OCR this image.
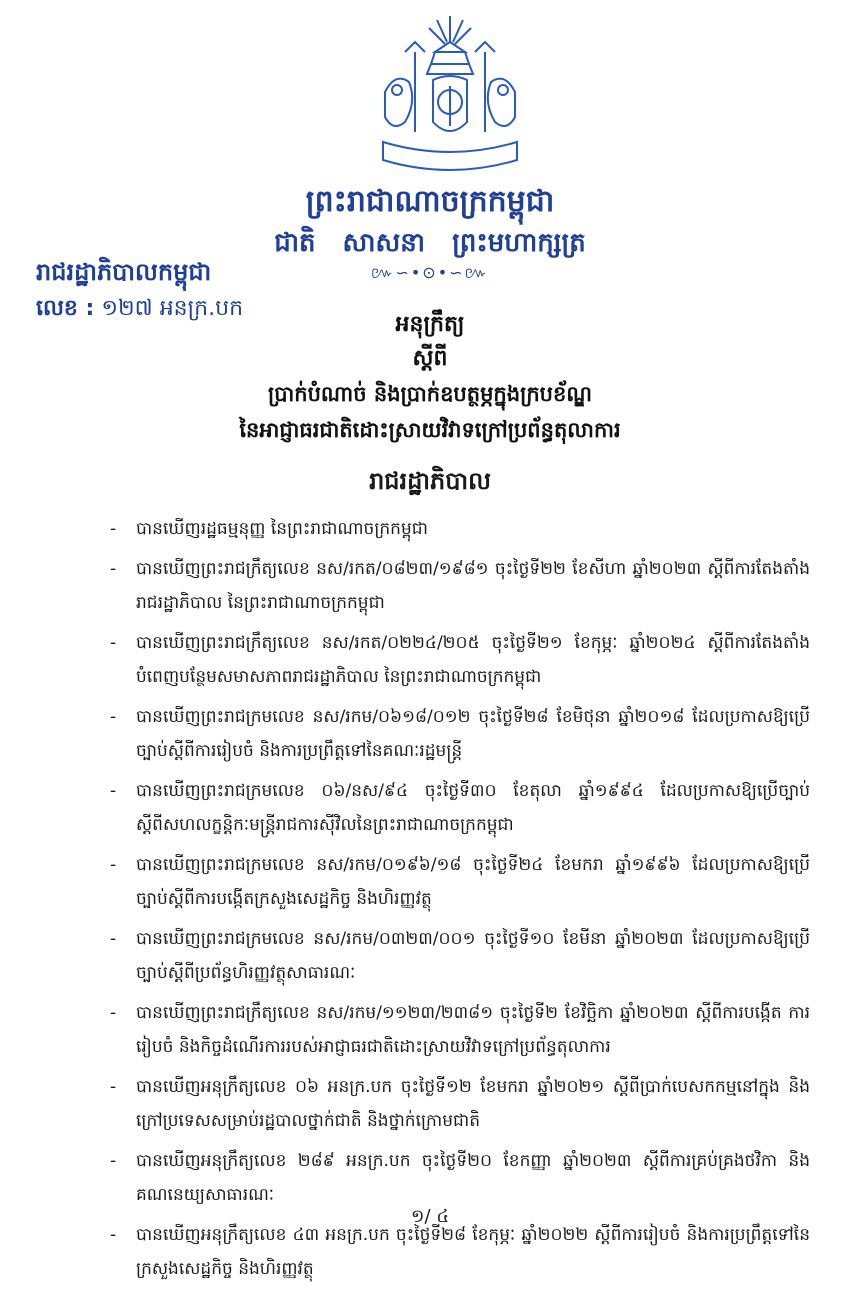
ព្រះរាជាណាចក្រកម្ពុជា
ជាតិ សាសនា ព្រះមហាក្សត្រ
៚∽•⊙•∽៚
រាជរដ្ឋាភិបាលកម្ពុជា
លេខ : ១២៧ អនក្រ.បក
អនុក្រឹត្យ
ស្តីពី
ប្រាក់បំណាច់ និងប្រាក់ឧបត្ថម្ភក្នុងក្របខ័ណ្ឌ
នៃអាជ្ញាធរជាតិដោះស្រាយវិវាទក្រៅប្រព័ន្ធតុលាការ
រាជរដ្ឋាភិបាល
-	បានឃើញរដ្ឋធម្មនុញ្ញ នៃព្រះរាជាណាចក្រកម្ពុជា
-	បានឃើញព្រះរាជក្រឹត្យលេខ នស/រកត/០៨២៣/១៩៨១ ចុះថ្ងៃទី២២ ខែសីហា ឆ្នាំ២០២៣ ស្តីពីការតែងតាំងរាជរដ្ឋាភិបាល នៃព្រះរាជាណាចក្រកម្ពុជា
-	បានឃើញព្រះរាជក្រឹត្យលេខ នស/រកត/០២២៤/២០៥ ចុះថ្ងៃទី២១ ខែកុម្ភៈ ឆ្នាំ២០២៤ ស្តីពីការតែងតាំងបំពេញបន្ថែមសមាសភាពរាជរដ្ឋាភិបាល នៃព្រះរាជាណាចក្រកម្ពុជា
-	បានឃើញព្រះរាជក្រមលេខ នស/រកម/០៦១៨/០១២ ចុះថ្ងៃទី២៨ ខែមិថុនា ឆ្នាំ២០១៨ ដែលប្រកាសឱ្យប្រើច្បាប់ស្តីពីការរៀបចំ និងការប្រព្រឹត្តទៅនៃគណៈរដ្ឋមន្ត្រី
-	បានឃើញព្រះរាជក្រមលេខ ០៦/នស/៩៤ ចុះថ្ងៃទី៣០ ខែតុលា ឆ្នាំ១៩៩៤ ដែលប្រកាសឱ្យប្រើច្បាប់ស្តីពីសហលក្ខន្តិកៈមន្ត្រីរាជការស៊ីវិលនៃព្រះរាជាណាចក្រកម្ពុជា
-	បានឃើញព្រះរាជក្រមលេខ នស/រកម/០១៩៦/១៨ ចុះថ្ងៃទី២៤ ខែមករា ឆ្នាំ១៩៩៦ ដែលប្រកាសឱ្យប្រើច្បាប់ស្តីពីការបង្កើតក្រសួងសេដ្ឋកិច្ច និងហិរញ្ញវត្ថុ
-	បានឃើញព្រះរាជក្រមលេខ នស/រកម/០៣២៣/០០១ ចុះថ្ងៃទី១០ ខែមីនា ឆ្នាំ២០២៣ ដែលប្រកាសឱ្យប្រើច្បាប់ស្តីពីប្រព័ន្ធហិរញ្ញវត្ថុសាធារណៈ
-	បានឃើញព្រះរាជក្រឹត្យលេខ នស/រកម/១១២៣/២៣៨១ ចុះថ្ងៃទី២ ខែវិច្ឆិកា ឆ្នាំ២០២៣ ស្តីពីការបង្កើត ការរៀបចំ និងកិច្ចដំណើរការរបស់អាជ្ញាធរជាតិដោះស្រាយវិវាទក្រៅប្រព័ន្ធតុលាការ
-	បានឃើញអនុក្រឹត្យលេខ ០៦ អនក្រ.បក ចុះថ្ងៃទី១២ ខែមករា ឆ្នាំ២០២១ ស្តីពីប្រាក់បេសកកម្មនៅក្នុង និងក្រៅប្រទេសសម្រាប់រដ្ឋបាលថ្នាក់ជាតិ និងថ្នាក់ក្រោមជាតិ
-	បានឃើញអនុក្រឹត្យលេខ ២៨៩ អនក្រ.បក ចុះថ្ងៃទី២០ ខែកញ្ញា ឆ្នាំ២០២៣ ស្តីពីការគ្រប់គ្រងថវិកា និងគណនេយ្យសាធារណៈ
-	បានឃើញអនុក្រឹត្យលេខ ៤៣ អនក្រ.បក ចុះថ្ងៃទី២៨ ខែកុម្ភៈ ឆ្នាំ២០២២ ស្តីពីការរៀបចំ និងការប្រព្រឹត្តទៅនៃក្រសួងសេដ្ឋកិច្ច និងហិរញ្ញវត្ថុ
១/ ៤
